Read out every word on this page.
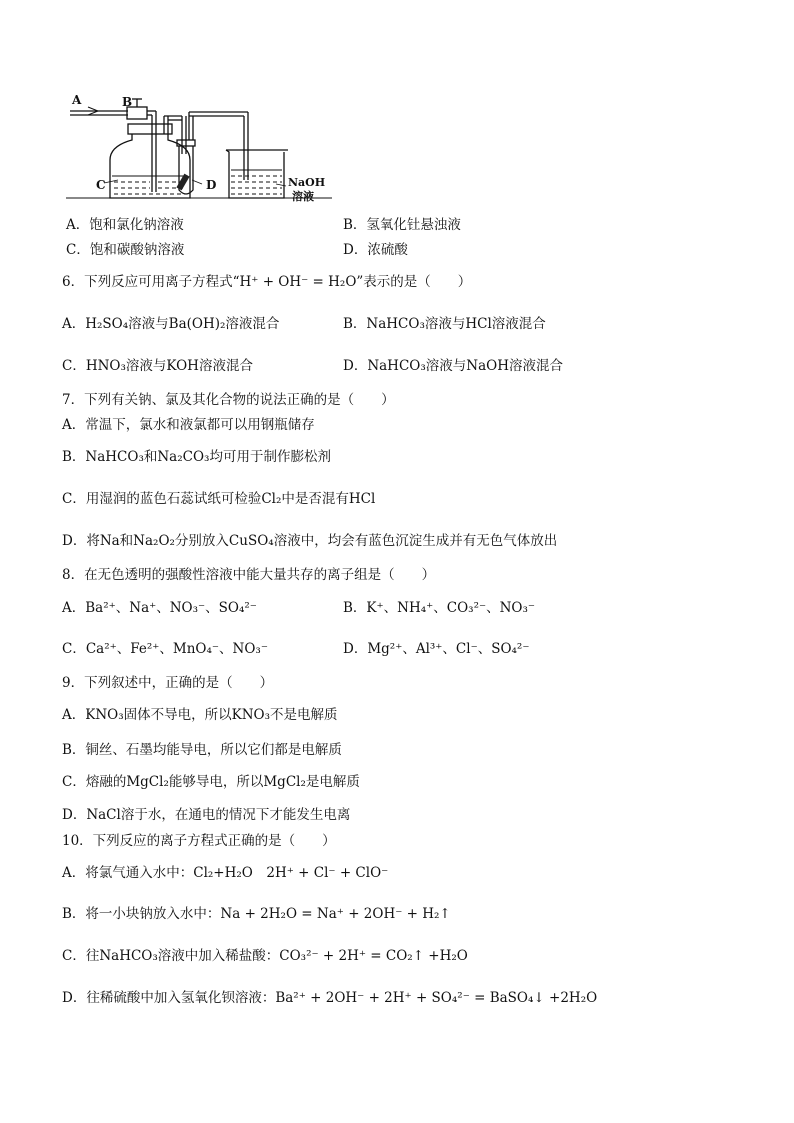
A	B
C	D	NaOH
溶液
A．饱和氯化钠溶液	B．氢氧化钍悬浊液
C．饱和碳酸钠溶液	D．浓硫酸
6．下列反应可用离子方程式“H⁺ + OH⁻ = H₂O”表示的是（　　）
A．H₂SO₄溶液与Ba(OH)₂溶液混合	B．NaHCO₃溶液与HCl溶液混合
C．HNO₃溶液与KOH溶液混合	D．NaHCO₃溶液与NaOH溶液混合
7．下列有关钠、氯及其化合物的说法正确的是（　　）
A．常温下，氯水和液氯都可以用钢瓶储存
B．NaHCO₃和Na₂CO₃均可用于制作膨松剂
C．用湿润的蓝色石蕊试纸可检验Cl₂中是否混有HCl
D．将Na和Na₂O₂分别放入CuSO₄溶液中，均会有蓝色沉淀生成并有无色气体放出
8．在无色透明的强酸性溶液中能大量共存的离子组是（　　）
A．Ba²⁺、Na⁺、NO₃⁻、SO₄²⁻	B．K⁺、NH₄⁺、CO₃²⁻、NO₃⁻
C．Ca²⁺、Fe²⁺、MnO₄⁻、NO₃⁻	D．Mg²⁺、Al³⁺、Cl⁻、SO₄²⁻
9．下列叙述中，正确的是（　　）
A．KNO₃固体不导电，所以KNO₃不是电解质
B．铜丝、石墨均能导电，所以它们都是电解质
C．熔融的MgCl₂能够导电，所以MgCl₂是电解质
D．NaCl溶于水，在通电的情况下才能发生电离
10．下列反应的离子方程式正确的是（　　）
A．将氯气通入水中：Cl₂+H₂O　2H⁺ + Cl⁻ + ClO⁻
B．将一小块钠放入水中：Na + 2H₂O = Na⁺ + 2OH⁻ + H₂↑
C．往NaHCO₃溶液中加入稀盐酸：CO₃²⁻ + 2H⁺ = CO₂↑ +H₂O
D．往稀硫酸中加入氢氧化钡溶液：Ba²⁺ + 2OH⁻ + 2H⁺ + SO₄²⁻ = BaSO₄↓ +2H₂O
